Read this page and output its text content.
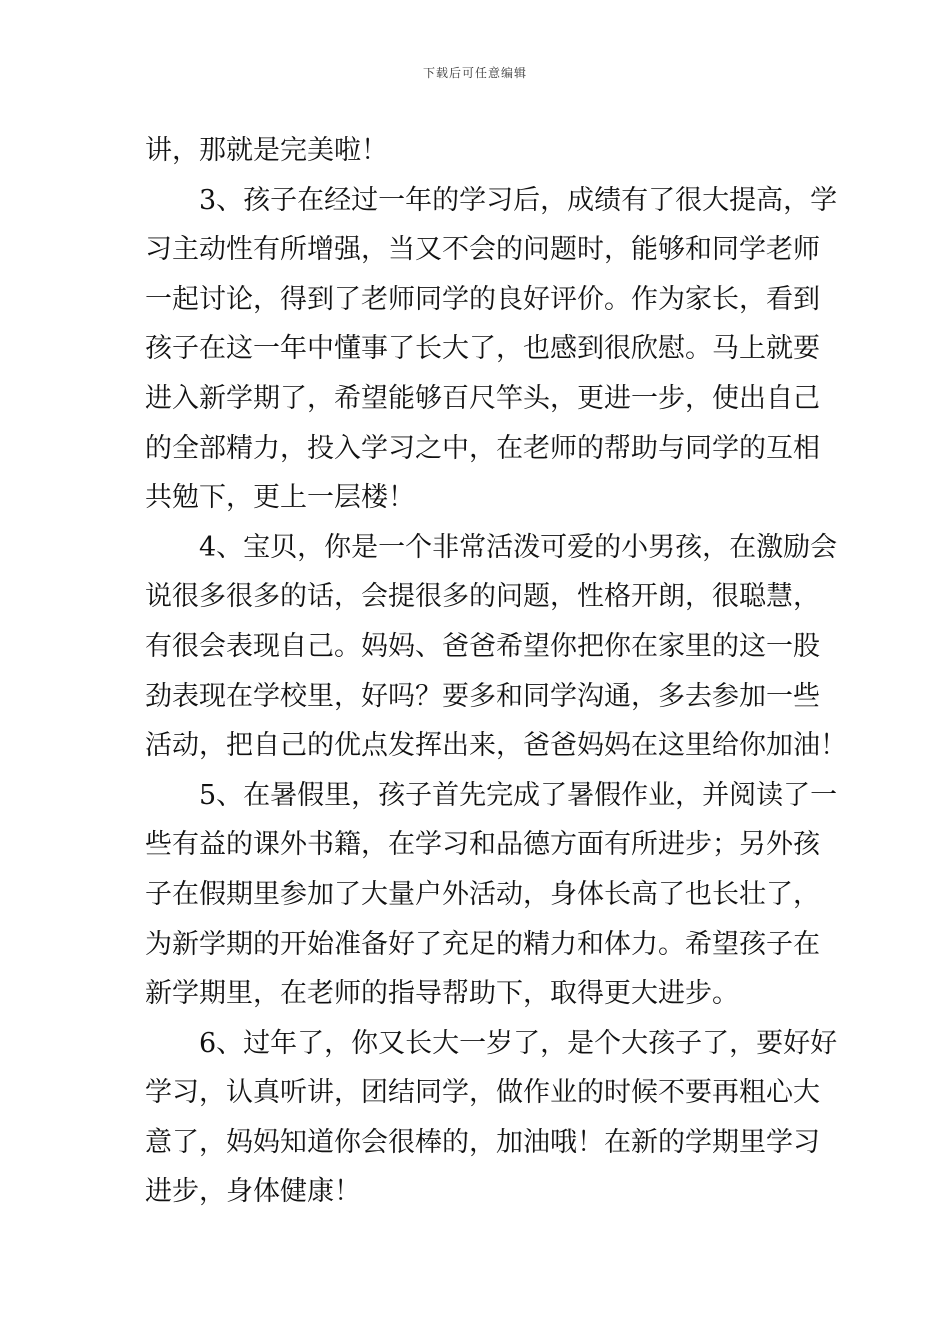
下载后可任意编辑
讲，那就是完美啦！
　　3、孩子在经过一年的学习后，成绩有了很大提高，学
习主动性有所增强，当又不会的问题时，能够和同学老师
一起讨论，得到了老师同学的良好评价。作为家长，看到
孩子在这一年中懂事了长大了，也感到很欣慰。马上就要
进入新学期了，希望能够百尺竿头，更进一步，使出自己
的全部精力，投入学习之中，在老师的帮助与同学的互相
共勉下，更上一层楼！
　　4、宝贝，你是一个非常活泼可爱的小男孩，在激励会
说很多很多的话，会提很多的问题，性格开朗，很聪慧，
有很会表现自己。妈妈、爸爸希望你把你在家里的这一股
劲表现在学校里，好吗？要多和同学沟通，多去参加一些
活动，把自己的优点发挥出来，爸爸妈妈在这里给你加油！
　　5、在暑假里，孩子首先完成了暑假作业，并阅读了一
些有益的课外书籍，在学习和品德方面有所进步；另外孩
子在假期里参加了大量户外活动，身体长高了也长壮了，
为新学期的开始准备好了充足的精力和体力。希望孩子在
新学期里，在老师的指导帮助下，取得更大进步。
　　6、过年了，你又长大一岁了，是个大孩子了，要好好
学习，认真听讲，团结同学，做作业的时候不要再粗心大
意了，妈妈知道你会很棒的，加油哦！在新的学期里学习
进步，身体健康！
